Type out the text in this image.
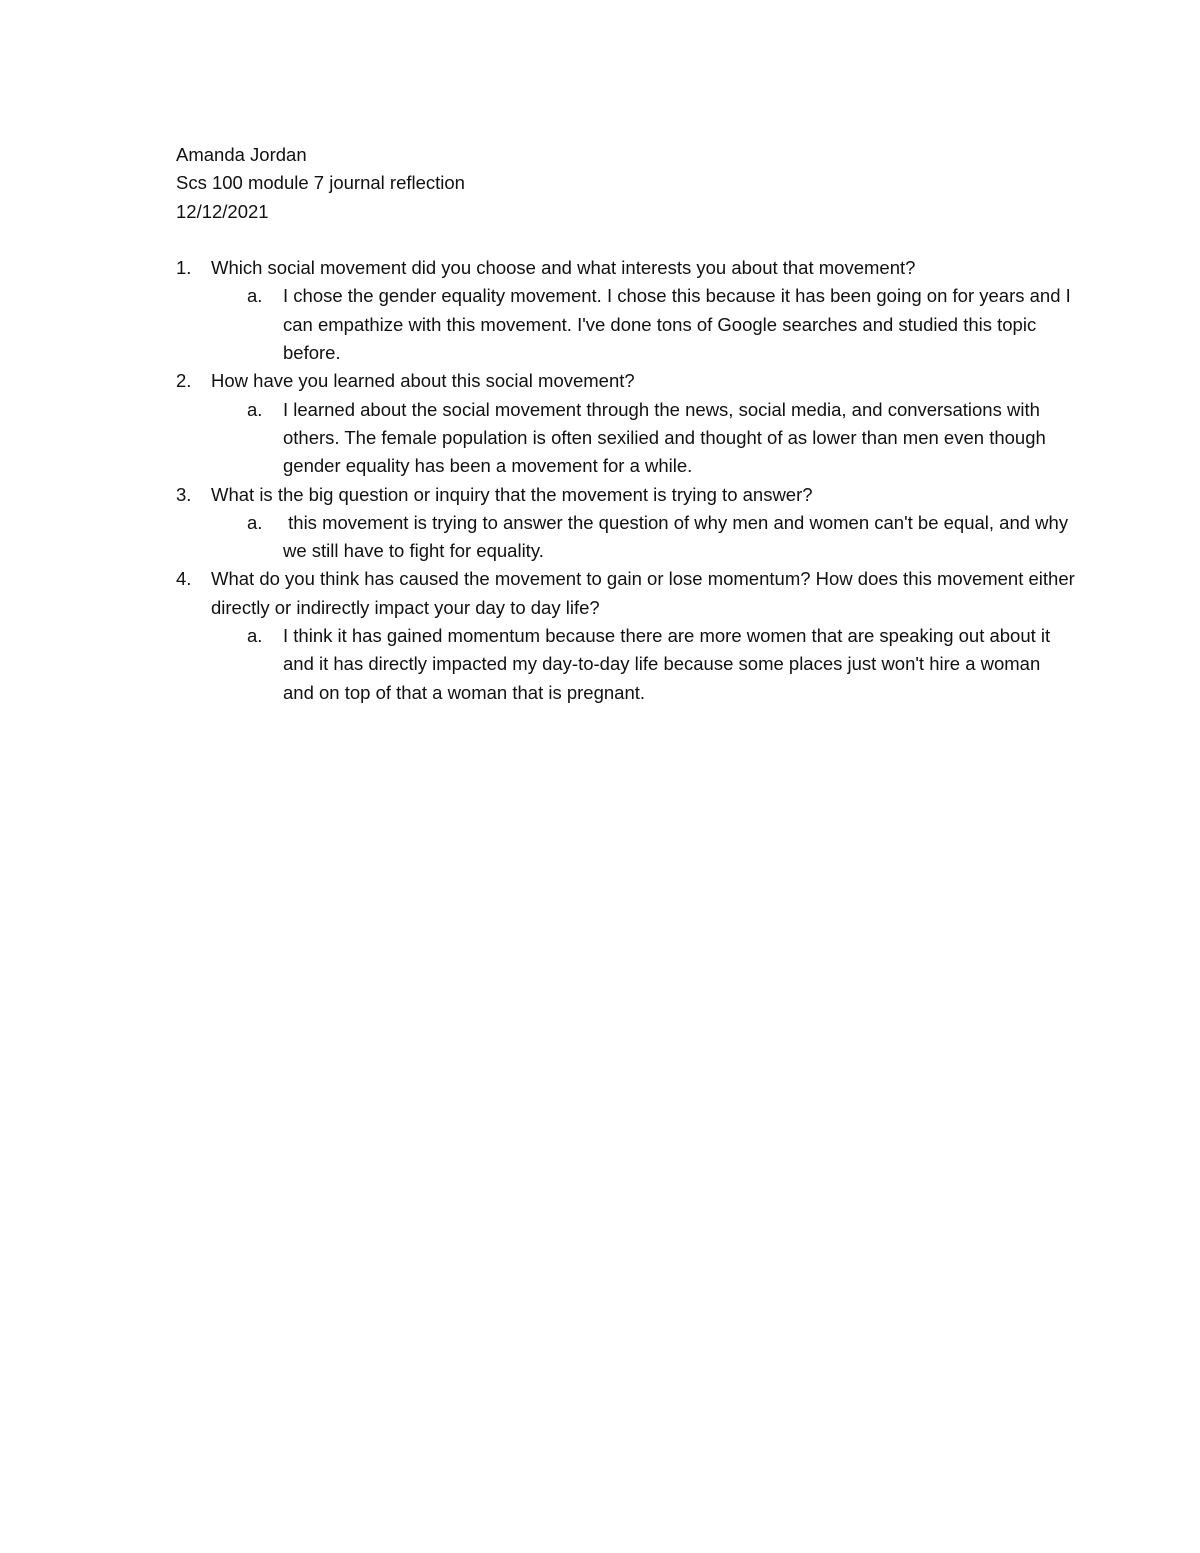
Amanda Jordan
Scs 100 module 7 journal reflection
12/12/2021
1.	Which social movement did you choose and what interests you about that movement?
a.	I chose the gender equality movement. I chose this because it has been going on for years and I can empathize with this movement. I've done tons of Google searches and studied this topic before.
2.	How have you learned about this social movement?
a.	I learned about the social movement through the news, social media, and conversations with others. The female population is often sexilied and thought of as lower than men even though gender equality has been a movement for a while.
3.	What is the big question or inquiry that the movement is trying to answer?
a.	this movement is trying to answer the question of why men and women can't be equal, and why we still have to fight for equality.
4.	What do you think has caused the movement to gain or lose momentum? How does this movement either directly or indirectly impact your day to day life?
a.	I think it has gained momentum because there are more women that are speaking out about it and it has directly impacted my day-to-day life because some places just won't hire a woman and on top of that a woman that is pregnant.
